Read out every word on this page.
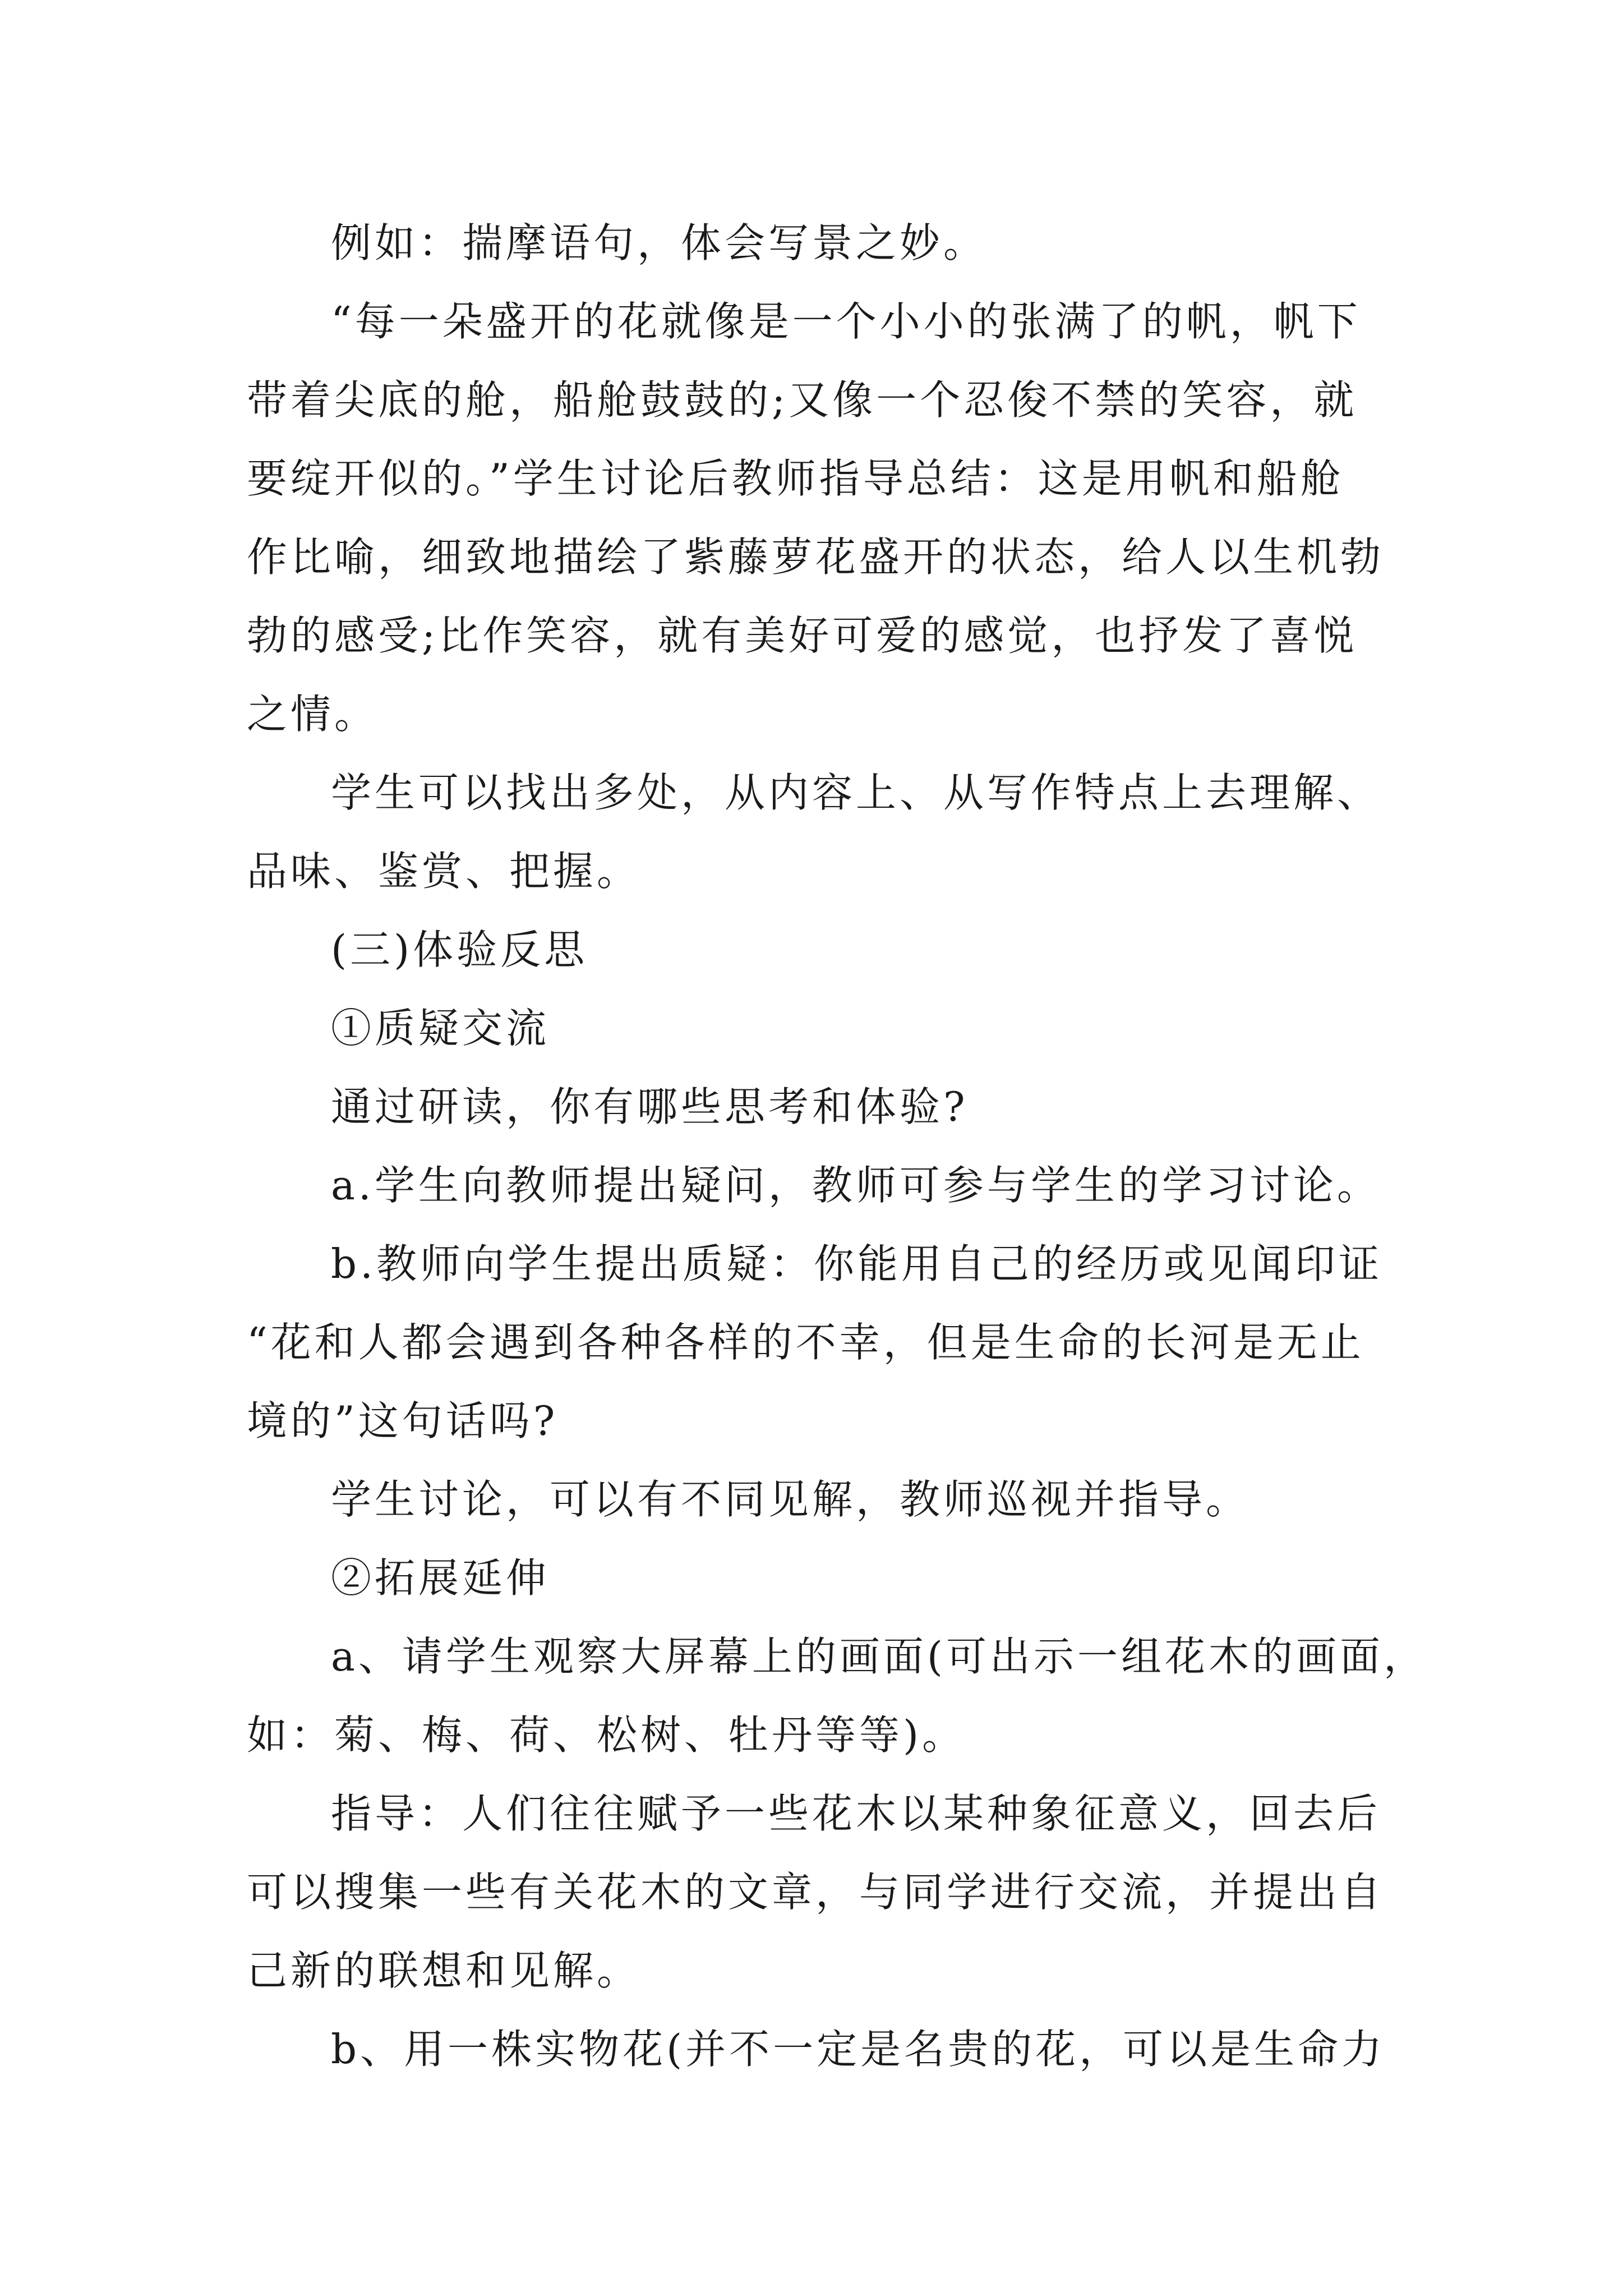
例如：揣摩语句，体会写景之妙。
“每一朵盛开的花就像是一个小小的张满了的帆，帆下
带着尖底的舱，船舱鼓鼓的;又像一个忍俊不禁的笑容，就
要绽开似的。”学生讨论后教师指导总结：这是用帆和船舱
作比喻，细致地描绘了紫藤萝花盛开的状态，给人以生机勃
勃的感受;比作笑容，就有美好可爱的感觉，也抒发了喜悦
之情。
学生可以找出多处，从内容上、从写作特点上去理解、
品味、鉴赏、把握。
(三)体验反思
①质疑交流
通过研读，你有哪些思考和体验?
a.学生向教师提出疑问，教师可参与学生的学习讨论。
b.教师向学生提出质疑：你能用自己的经历或见闻印证
“花和人都会遇到各种各样的不幸，但是生命的长河是无止
境的”这句话吗?
学生讨论，可以有不同见解，教师巡视并指导。
②拓展延伸
a、请学生观察大屏幕上的画面(可出示一组花木的画面，
如：菊、梅、荷、松树、牡丹等等)。
指导：人们往往赋予一些花木以某种象征意义，回去后
可以搜集一些有关花木的文章，与同学进行交流，并提出自
己新的联想和见解。
b、用一株实物花(并不一定是名贵的花，可以是生命力
